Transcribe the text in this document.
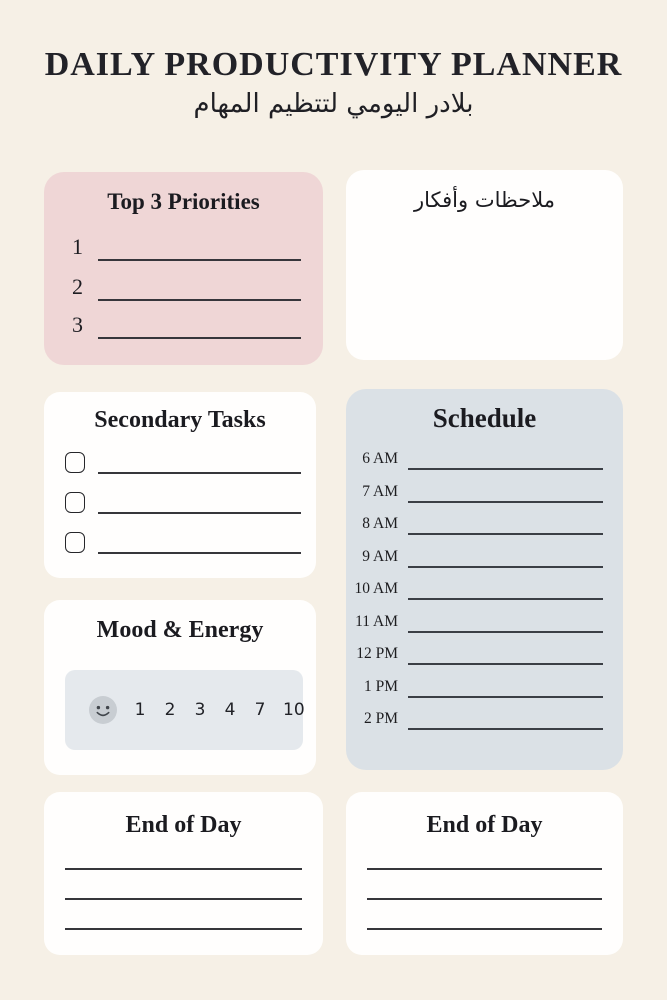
DAILY PRODUCTIVITY PLANNER
بلادر اليومي لتتظيم المهام
Top 3 Priorities
1
2
3
ملاحظات وأفكار
Secondary Tasks	Schedule
6 AM
7 AM
8 AM
9 AM
10 AM
11 AM
12 PM
1 PM
2 PM
Mood & Energy
1 2 3 4 7 10
End of Day	End of Day
